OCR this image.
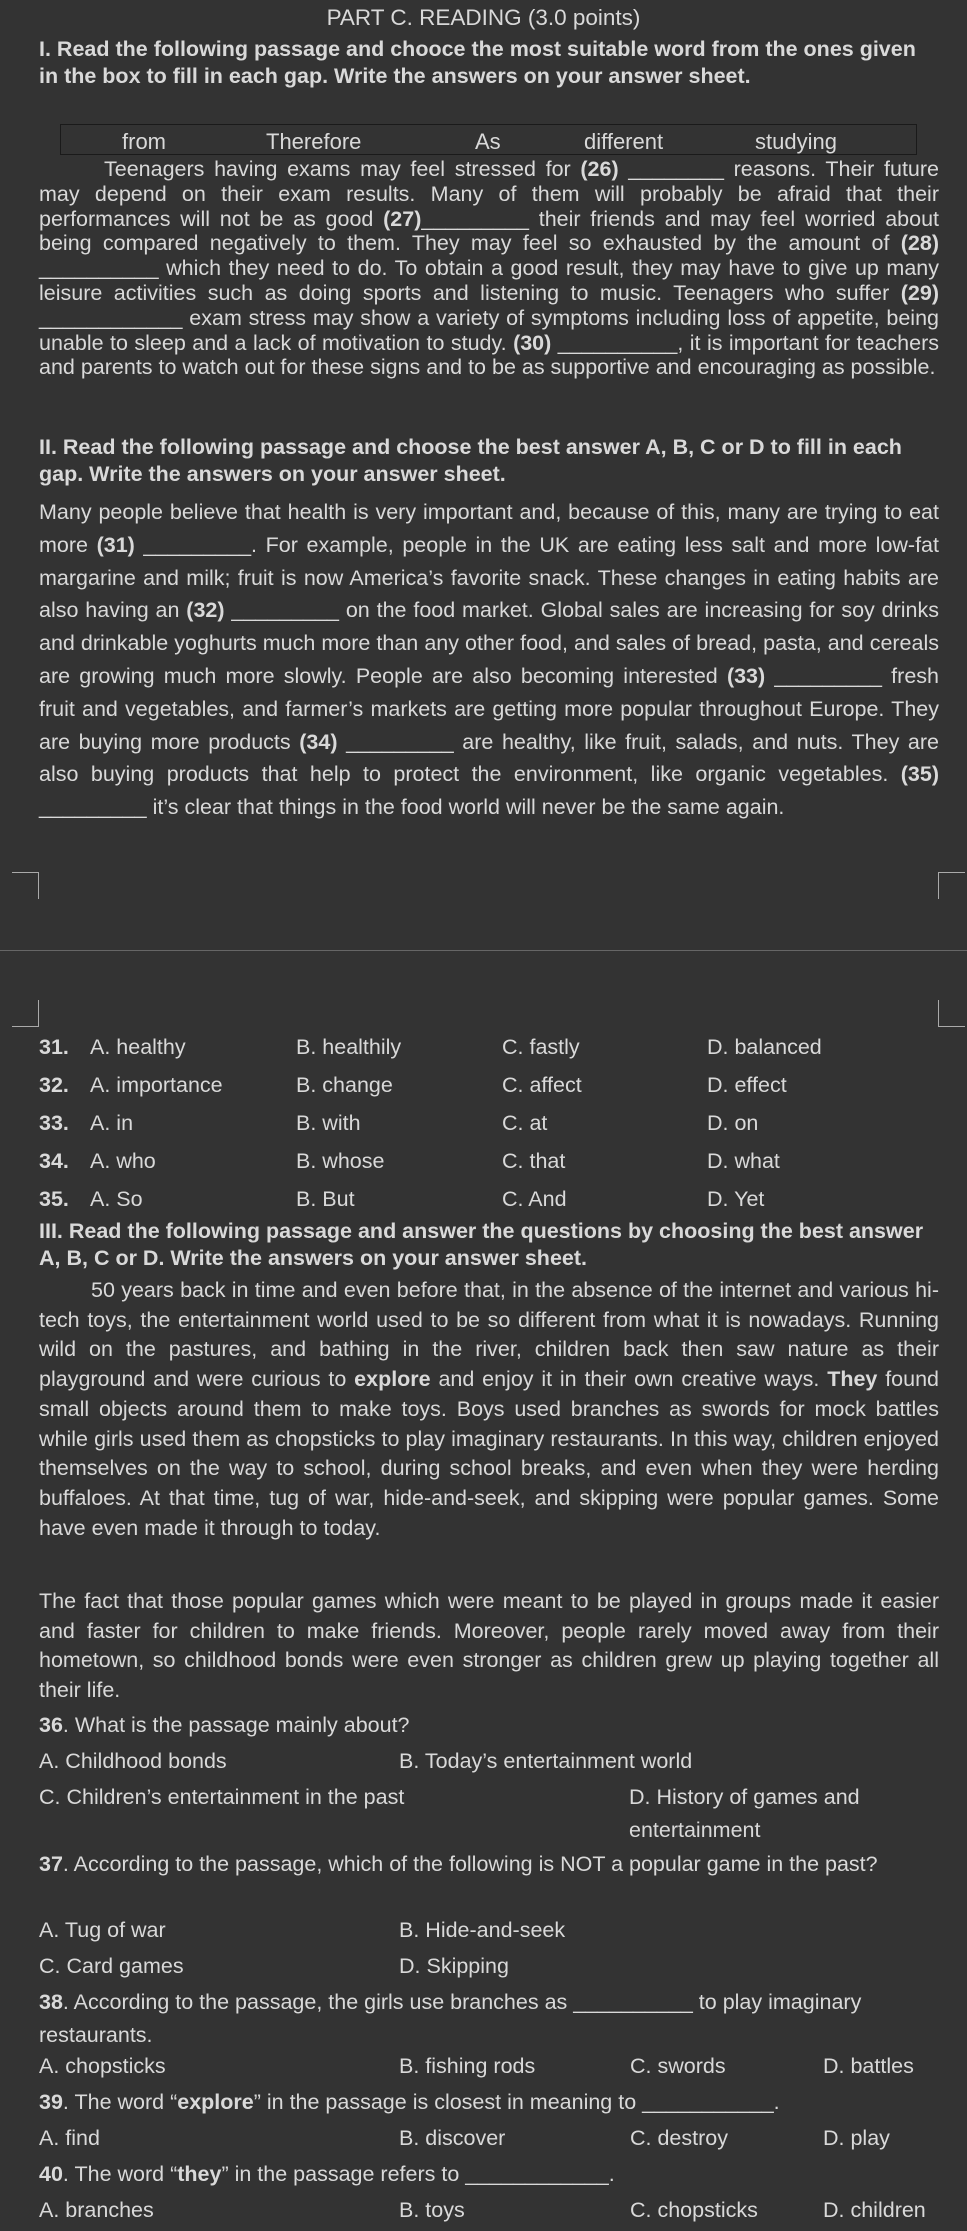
PART C. READING (3.0 points)
I. Read the following passage and chooce the most suitable word from the ones given in the box to fill in each gap. Write the answers on your answer sheet.
from	Therefore	As	different	studying
Teenagers having exams may feel stressed for (26) ________ reasons. Their future may depend on their exam results. Many of them will probably be afraid that their performances will not be as good (27)_________ their friends and may feel worried about being compared negatively to them. They may feel so exhausted by the amount of (28) __________ which they need to do. To obtain a good result, they may have to give up many leisure activities such as doing sports and listening to music. Teenagers who suffer (29) ____________ exam stress may show a variety of symptoms including loss of appetite, being unable to sleep and a lack of motivation to study. (30) __________, it is important for teachers and parents to watch out for these signs and to be as supportive and encouraging as possible.
II. Read the following passage and choose the best answer A, B, C or D to fill in each gap. Write the answers on your answer sheet.
Many people believe that health is very important and, because of this, many are trying to eat more (31) _________. For example, people in the UK are eating less salt and more low-fat margarine and milk; fruit is now America’s favorite snack. These changes in eating habits are also having an (32) _________ on the food market. Global sales are increasing for soy drinks and drinkable yoghurts much more than any other food, and sales of bread, pasta, and cereals are growing much more slowly. People are also becoming interested (33) _________ fresh fruit and vegetables, and farmer’s markets are getting more popular throughout Europe. They are buying more products (34) _________ are healthy, like fruit, salads, and nuts. They are also buying products that help to protect the environment, like organic vegetables. (35) _________ it’s clear that things in the food world will never be the same again.
31. A. healthy	B. healthily	C. fastly	D. balanced
32. A. importance	B. change	C. affect	D. effect
33. A. in	B. with	C. at	D. on
34. A. who	B. whose	C. that	D. what
35. A. So	B. But	C. And	D. Yet
III. Read the following passage and answer the questions by choosing the best answer A, B, C or D. Write the answers on your answer sheet.
50 years back in time and even before that, in the absence of the internet and various hi-tech toys, the entertainment world used to be so different from what it is nowadays. Running wild on the pastures, and bathing in the river, children back then saw nature as their playground and were curious to explore and enjoy it in their own creative ways. They found small objects around them to make toys. Boys used branches as swords for mock battles while girls used them as chopsticks to play imaginary restaurants. In this way, children enjoyed themselves on the way to school, during school breaks, and even when they were herding buffaloes. At that time, tug of war, hide-and-seek, and skipping were popular games. Some have even made it through to today.
The fact that those popular games which were meant to be played in groups made it easier and faster for children to make friends. Moreover, people rarely moved away from their hometown, so childhood bonds were even stronger as children grew up playing together all their life.
36. What is the passage mainly about?
A. Childhood bonds	B. Today’s entertainment world
C. Children’s entertainment in the past	D. History of games and entertainment
37. According to the passage, which of the following is NOT a popular game in the past?
A. Tug of war	B. Hide-and-seek
C. Card games	D. Skipping
38. According to the passage, the girls use branches as __________ to play imaginary restaurants.
A. chopsticks	B. fishing rods	C. swords	D. battles
39. The word “explore” in the passage is closest in meaning to ___________.
A. find	B. discover	C. destroy	D. play
40. The word “they” in the passage refers to ____________.
A. branches	B. toys	C. chopsticks	D. children
